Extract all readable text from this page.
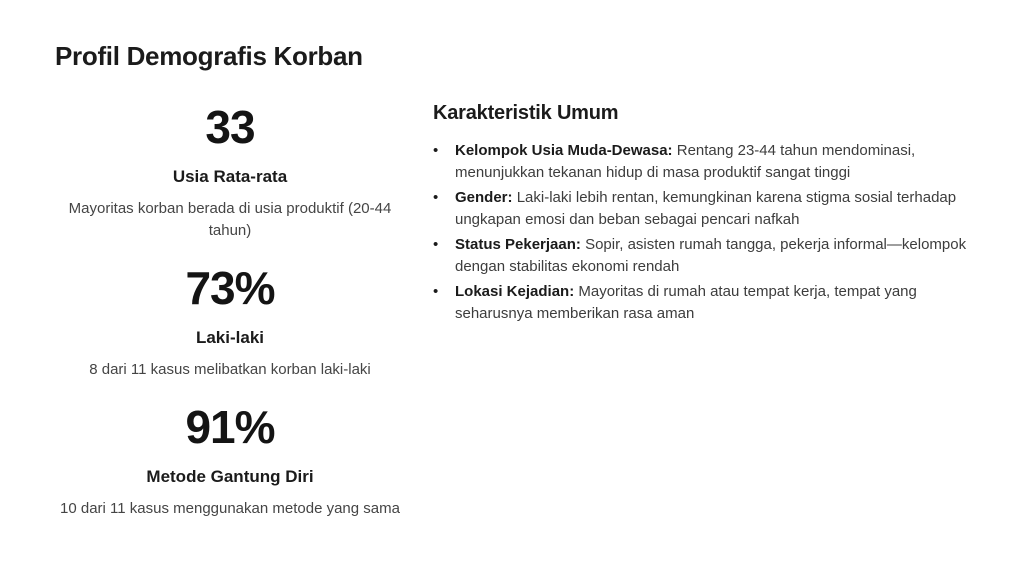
Profil Demografis Korban
33
Usia Rata-rata
Mayoritas korban berada di usia produktif (20-44 tahun)
73%
Laki-laki
8 dari 11 kasus melibatkan korban laki-laki
91%
Metode Gantung Diri
10 dari 11 kasus menggunakan metode yang sama
Karakteristik Umum
•	Kelompok Usia Muda-Dewasa: Rentang 23-44 tahun mendominasi, menunjukkan tekanan hidup di masa produktif sangat tinggi
•	Gender: Laki-laki lebih rentan, kemungkinan karena stigma sosial terhadap ungkapan emosi dan beban sebagai pencari nafkah
•	Status Pekerjaan: Sopir, asisten rumah tangga, pekerja informal—kelompok dengan stabilitas ekonomi rendah
•	Lokasi Kejadian: Mayoritas di rumah atau tempat kerja, tempat yang seharusnya memberikan rasa aman
